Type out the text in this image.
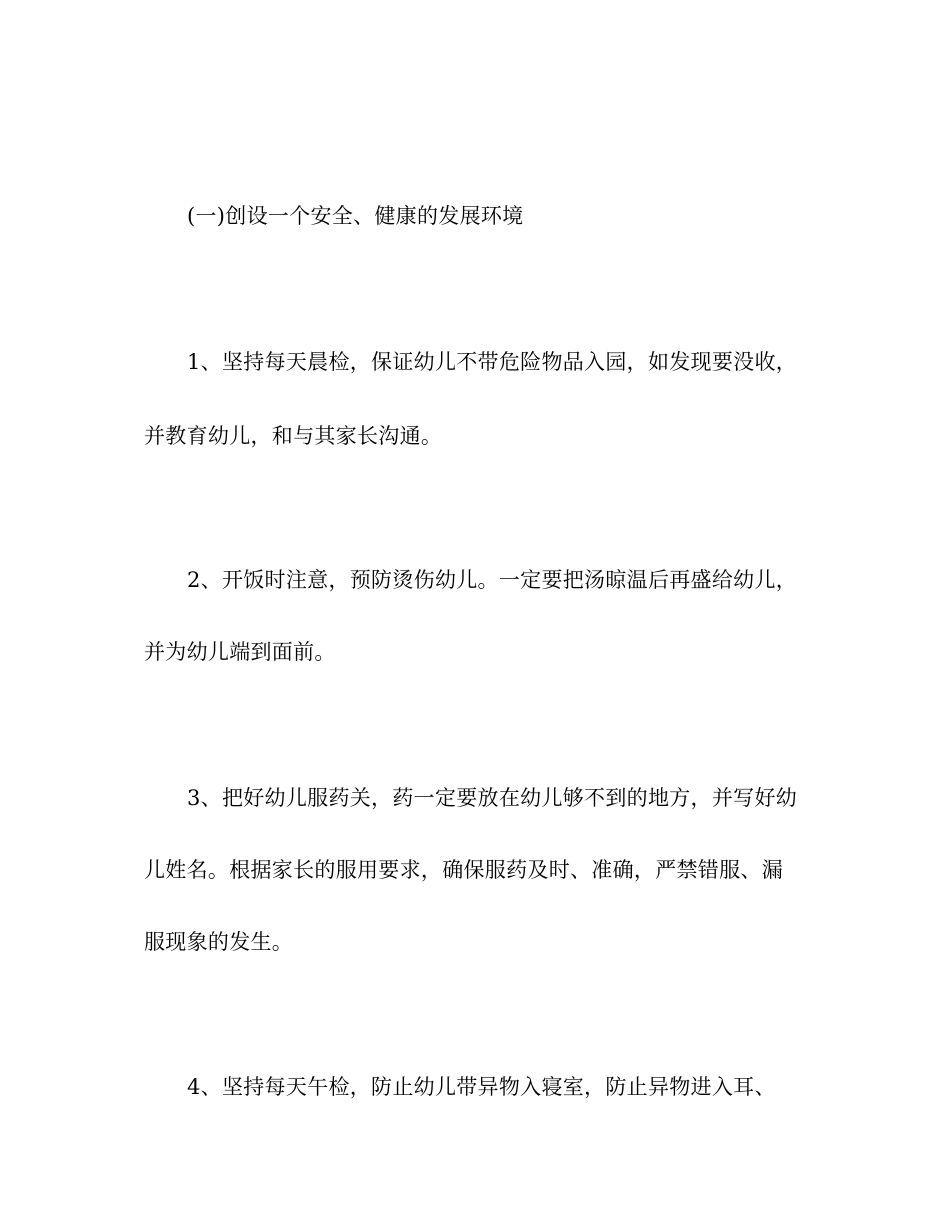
(一)创设一个安全、健康的发展环境
1、坚持每天晨检，保证幼儿不带危险物品入园，如发现要没收，
并教育幼儿，和与其家长沟通。
2、开饭时注意，预防烫伤幼儿。一定要把汤晾温后再盛给幼儿，
并为幼儿端到面前。
3、把好幼儿服药关，药一定要放在幼儿够不到的地方，并写好幼
儿姓名。根据家长的服用要求，确保服药及时、准确，严禁错服、漏
服现象的发生。
4、坚持每天午检，防止幼儿带异物入寝室，防止异物进入耳、
